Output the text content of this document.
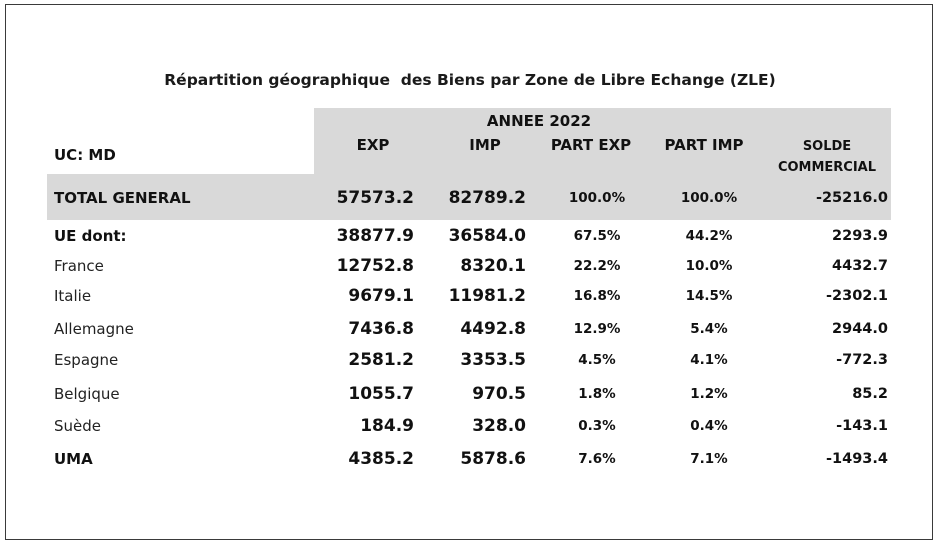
Répartition géographique  des Biens par Zone de Libre Echange (ZLE)
ANNEE 2022
UC: MD
EXP	IMP	PART EXP	PART IMP	SOLDE
COMMERCIAL
TOTAL GENERAL	57573.2	82789.2	100.0%	100.0%	-25216.0
UE dont:	38877.9	36584.0	67.5%	44.2%	2293.9
France	12752.8	8320.1	22.2%	10.0%	4432.7
Italie	9679.1	11981.2	16.8%	14.5%	-2302.1
Allemagne	7436.8	4492.8	12.9%	5.4%	2944.0
Espagne	2581.2	3353.5	4.5%	4.1%	-772.3
Belgique	1055.7	970.5	1.8%	1.2%	85.2
Suède	184.9	328.0	0.3%	0.4%	-143.1
UMA	4385.2	5878.6	7.6%	7.1%	-1493.4
